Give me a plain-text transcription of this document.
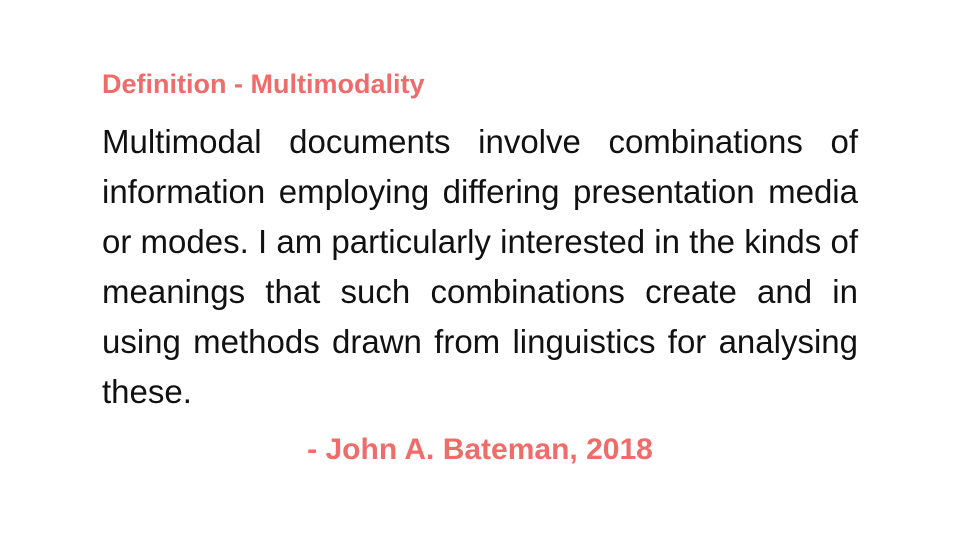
Definition - Multimodality
Multimodal documents involve combinations of information employing differing presentation media or modes. I am particularly interested in the kinds of meanings that such combinations create and in using methods drawn from linguistics for analysing these.
- John A. Bateman, 2018
